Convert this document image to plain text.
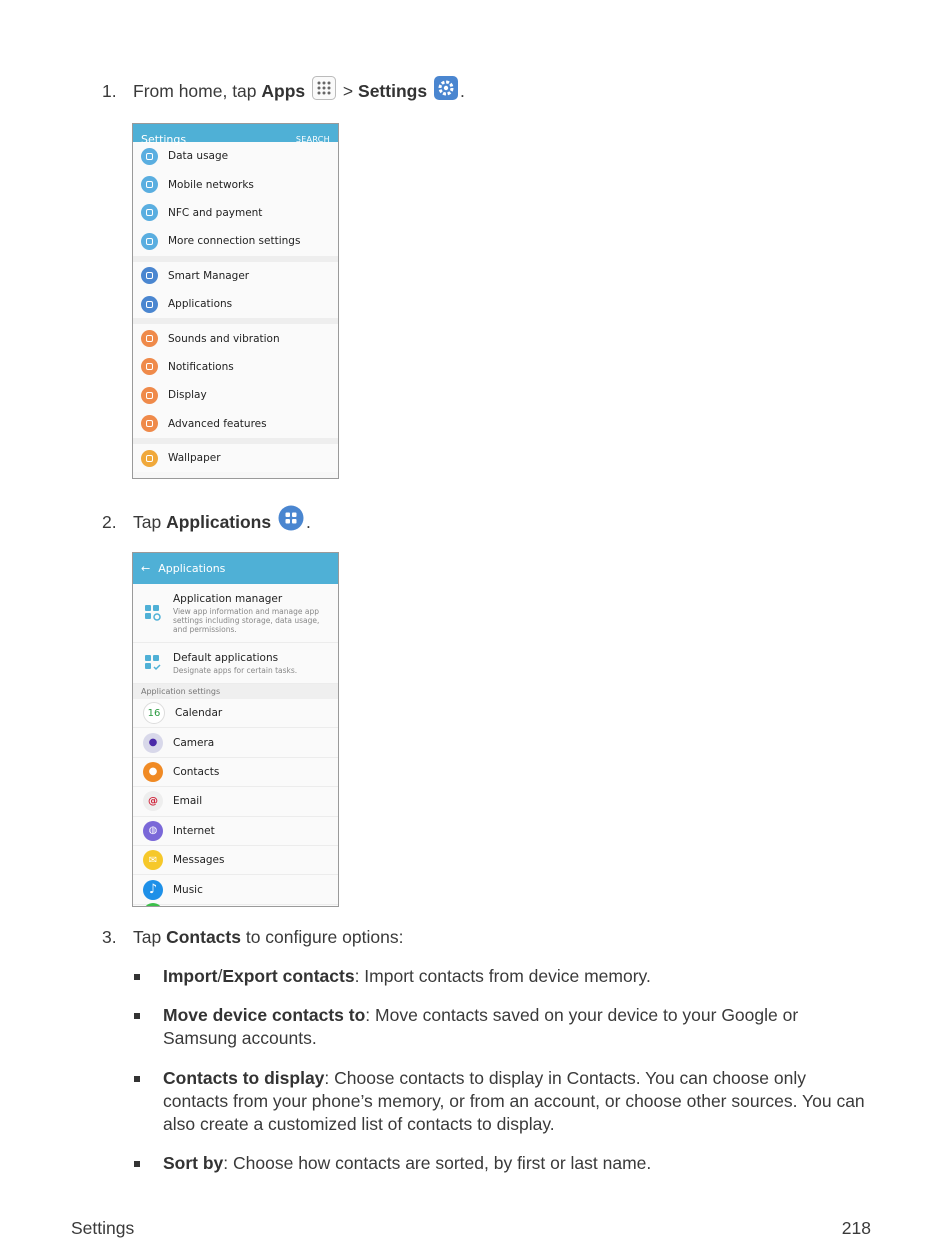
1. From home, tap Apps > Settings .
Settings	SEARCH
Data usage
Mobile networks
NFC and payment
More connection settings
Smart Manager
Applications
Sounds and vibration
Notifications
Display
Advanced features
Wallpaper
2. Tap Applications .
← Applications
Application manager
View app information and manage app settings including storage, data usage, and permissions.
Default applications
Designate apps for certain tasks.
Application settings
16 Calendar
● Camera
● Contacts
@ Email
◍ Internet
✉ Messages
♪ Music
3. Tap Contacts to configure options:
Import/Export contacts: Import contacts from device memory.
Move device contacts to: Move contacts saved on your device to your Google or Samsung accounts.
Contacts to display: Choose contacts to display in Contacts. You can choose only contacts from your phone’s memory, or from an account, or choose other sources. You can also create a customized list of contacts to display.
Sort by: Choose how contacts are sorted, by first or last name.
Settings	218
